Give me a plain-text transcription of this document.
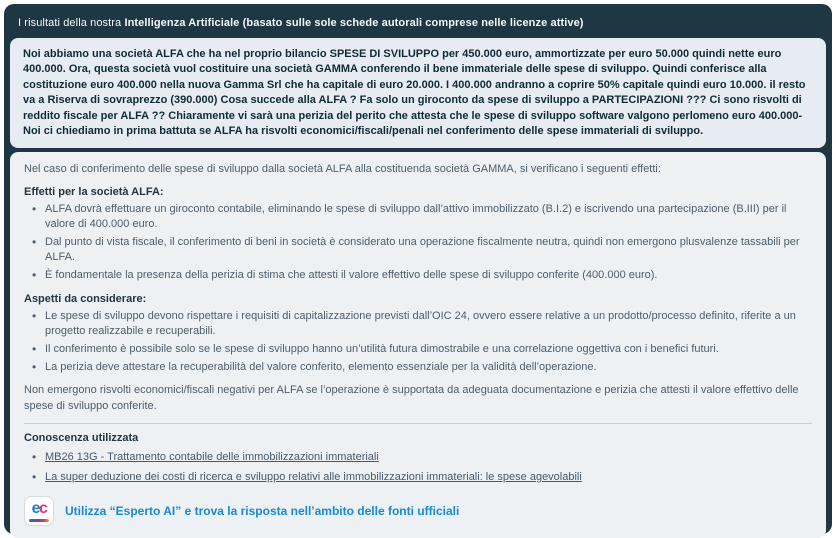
I risultati della nostra Intelligenza Artificiale (basato sulle sole schede autorali comprese nelle licenze attive)
Noi abbiamo una società ALFA che ha nel proprio bilancio SPESE DI SVILUPPO per 450.000 euro, ammortizzate per euro 50.000 quindi nette euro 400.000. Ora, questa società vuol costituire una società GAMMA conferendo il bene immateriale delle spese di sviluppo. Quindi conferisce alla costituzione euro 400.000 nella nuova Gamma Srl che ha capitale di euro 20.000. I 400.000 andranno a coprire 50% capitale quindi euro 10.000. il resto va a Riserva di sovraprezzo (390.000) Cosa succede alla ALFA ? Fa solo un giroconto da spese di sviluppo a PARTECIPAZIONI ??? Ci sono risvolti di reddito fiscale per ALFA ?? Chiaramente vi sarà una perizia del perito che attesta che le spese di sviluppo software valgono perlomeno euro 400.000- Noi ci chiediamo in prima battuta se ALFA ha risvolti economici/fiscali/penali nel conferimento delle spese immateriali di sviluppo.

Nel caso di conferimento delle spese di sviluppo dalla società ALFA alla costituenda società GAMMA, si verificano i seguenti effetti:

Effetti per la società ALFA:
• ALFA dovrà effettuare un giroconto contabile, eliminando le spese di sviluppo dall’attivo immobilizzato (B.I.2) e iscrivendo una partecipazione (B.III) per il valore di 400.000 euro.
• Dal punto di vista fiscale, il conferimento di beni in società è considerato una operazione fiscalmente neutra, quindi non emergono plusvalenze tassabili per ALFA.
• È fondamentale la presenza della perizia di stima che attesti il valore effettivo delle spese di sviluppo conferite (400.000 euro).
Aspetti da considerare:
• Le spese di sviluppo devono rispettare i requisiti di capitalizzazione previsti dall’OIC 24, ovvero essere relative a un prodotto/processo definito, riferite a un progetto realizzabile e recuperabili.
• Il conferimento è possibile solo se le spese di sviluppo hanno un’utilità futura dimostrabile e una correlazione oggettiva con i benefici futuri.
• La perizia deve attestare la recuperabilità del valore conferito, elemento essenziale per la validità dell’operazione.

Non emergono risvolti economici/fiscali negativi per ALFA se l’operazione è supportata da adeguata documentazione e perizia che attesti il valore effettivo delle spese di sviluppo conferite.

Conoscenza utilizzata
• MB26 13G - Trattamento contabile delle immobilizzazioni immateriali
• La super deduzione dei costi di ricerca e sviluppo relativi alle immobilizzazioni immateriali: le spese agevolabili
ec Utilizza “Esperto AI” e trova la risposta nell’ambito delle fonti ufficiali
